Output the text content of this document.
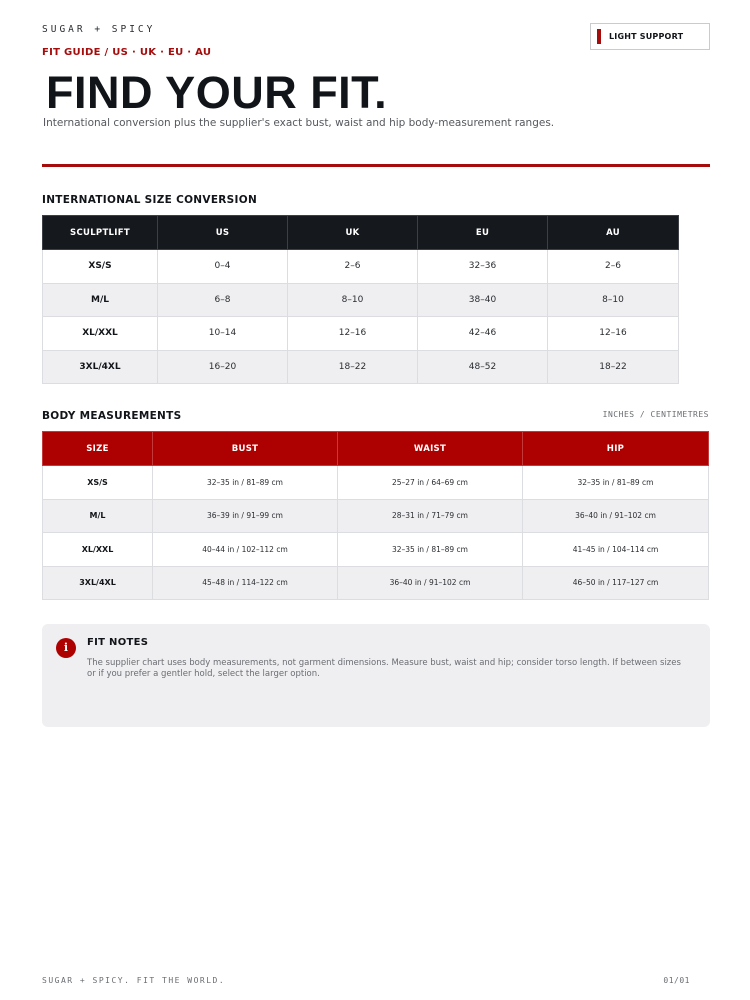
SUGAR + SPICY
FIT GUIDE / US · UK · EU · AU
LIGHT SUPPORT
FIND YOUR FIT.

International conversion plus the supplier's exact bust, waist and hip body-measurement ranges.

INTERNATIONAL SIZE CONVERSION
SCULPTLIFT	US	UK	EU	AU
XS/S	0–4	2–6	32–36	2–6
M/L	6–8	8–10	38–40	8–10
XL/XXL	10–14	12–16	42–46	12–16
3XL/4XL	16–20	18–22	48–52	18–22
BODY MEASUREMENTS	INCHES / CENTIMETRES
SIZE	BUST	WAIST	HIP
XS/S	32–35 in / 81–89 cm	25–27 in / 64–69 cm	32–35 in / 81–89 cm
M/L	36–39 in / 91–99 cm	28–31 in / 71–79 cm	36–40 in / 91–102 cm
XL/XXL	40–44 in / 102–112 cm	32–35 in / 81–89 cm	41–45 in / 104–114 cm
3XL/4XL	45–48 in / 114–122 cm	36–40 in / 91–102 cm	46–50 in / 117–127 cm
i	FIT NOTES
The supplier chart uses body measurements, not garment dimensions. Measure bust, waist and hip; consider torso length. If between sizes or if you prefer a gentler hold, select the larger option.
SUGAR + SPICY. FIT THE WORLD.	01/01
